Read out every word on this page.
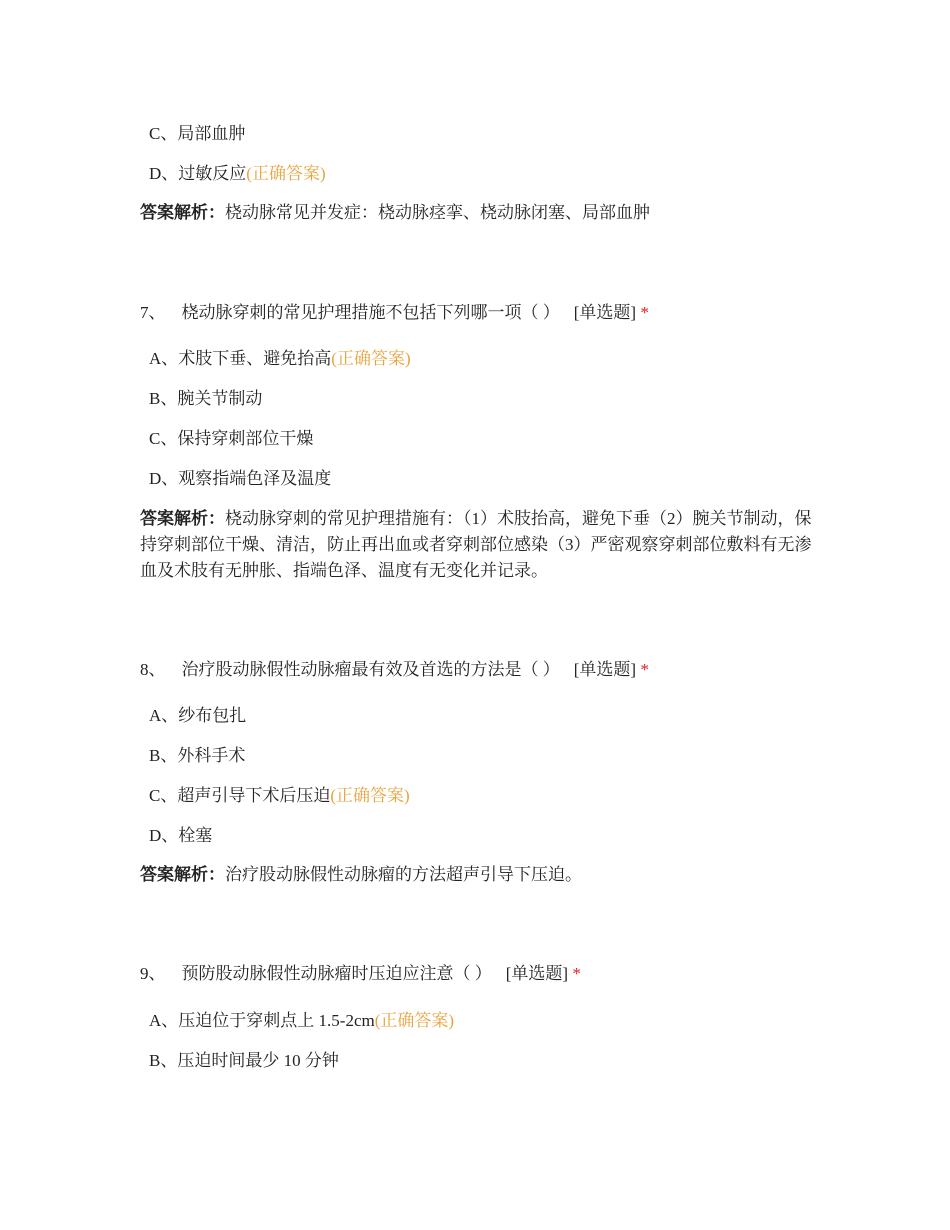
C、局部血肿
D、过敏反应(正确答案)
答案解析：桡动脉常见并发症：桡动脉痉挛、桡动脉闭塞、局部血肿
7、 桡动脉穿刺的常见护理措施不包括下列哪一项（ ） [单选题] *
A、术肢下垂、避免抬高(正确答案)
B、腕关节制动
C、保持穿刺部位干燥
D、观察指端色泽及温度
答案解析：桡动脉穿刺的常见护理措施有：（1）术肢抬高，避免下垂（2）腕关节制动，保持穿刺部位干燥、清洁，防止再出血或者穿刺部位感染（3）严密观察穿刺部位敷料有无渗血及术肢有无肿胀、指端色泽、温度有无变化并记录。
8、 治疗股动脉假性动脉瘤最有效及首选的方法是（ ） [单选题] *
A、纱布包扎
B、外科手术
C、超声引导下术后压迫(正确答案)
D、栓塞
答案解析：治疗股动脉假性动脉瘤的方法超声引导下压迫。
9、 预防股动脉假性动脉瘤时压迫应注意（ ） [单选题] *
A、压迫位于穿刺点上 1.5-2cm(正确答案)
B、压迫时间最少 10 分钟
